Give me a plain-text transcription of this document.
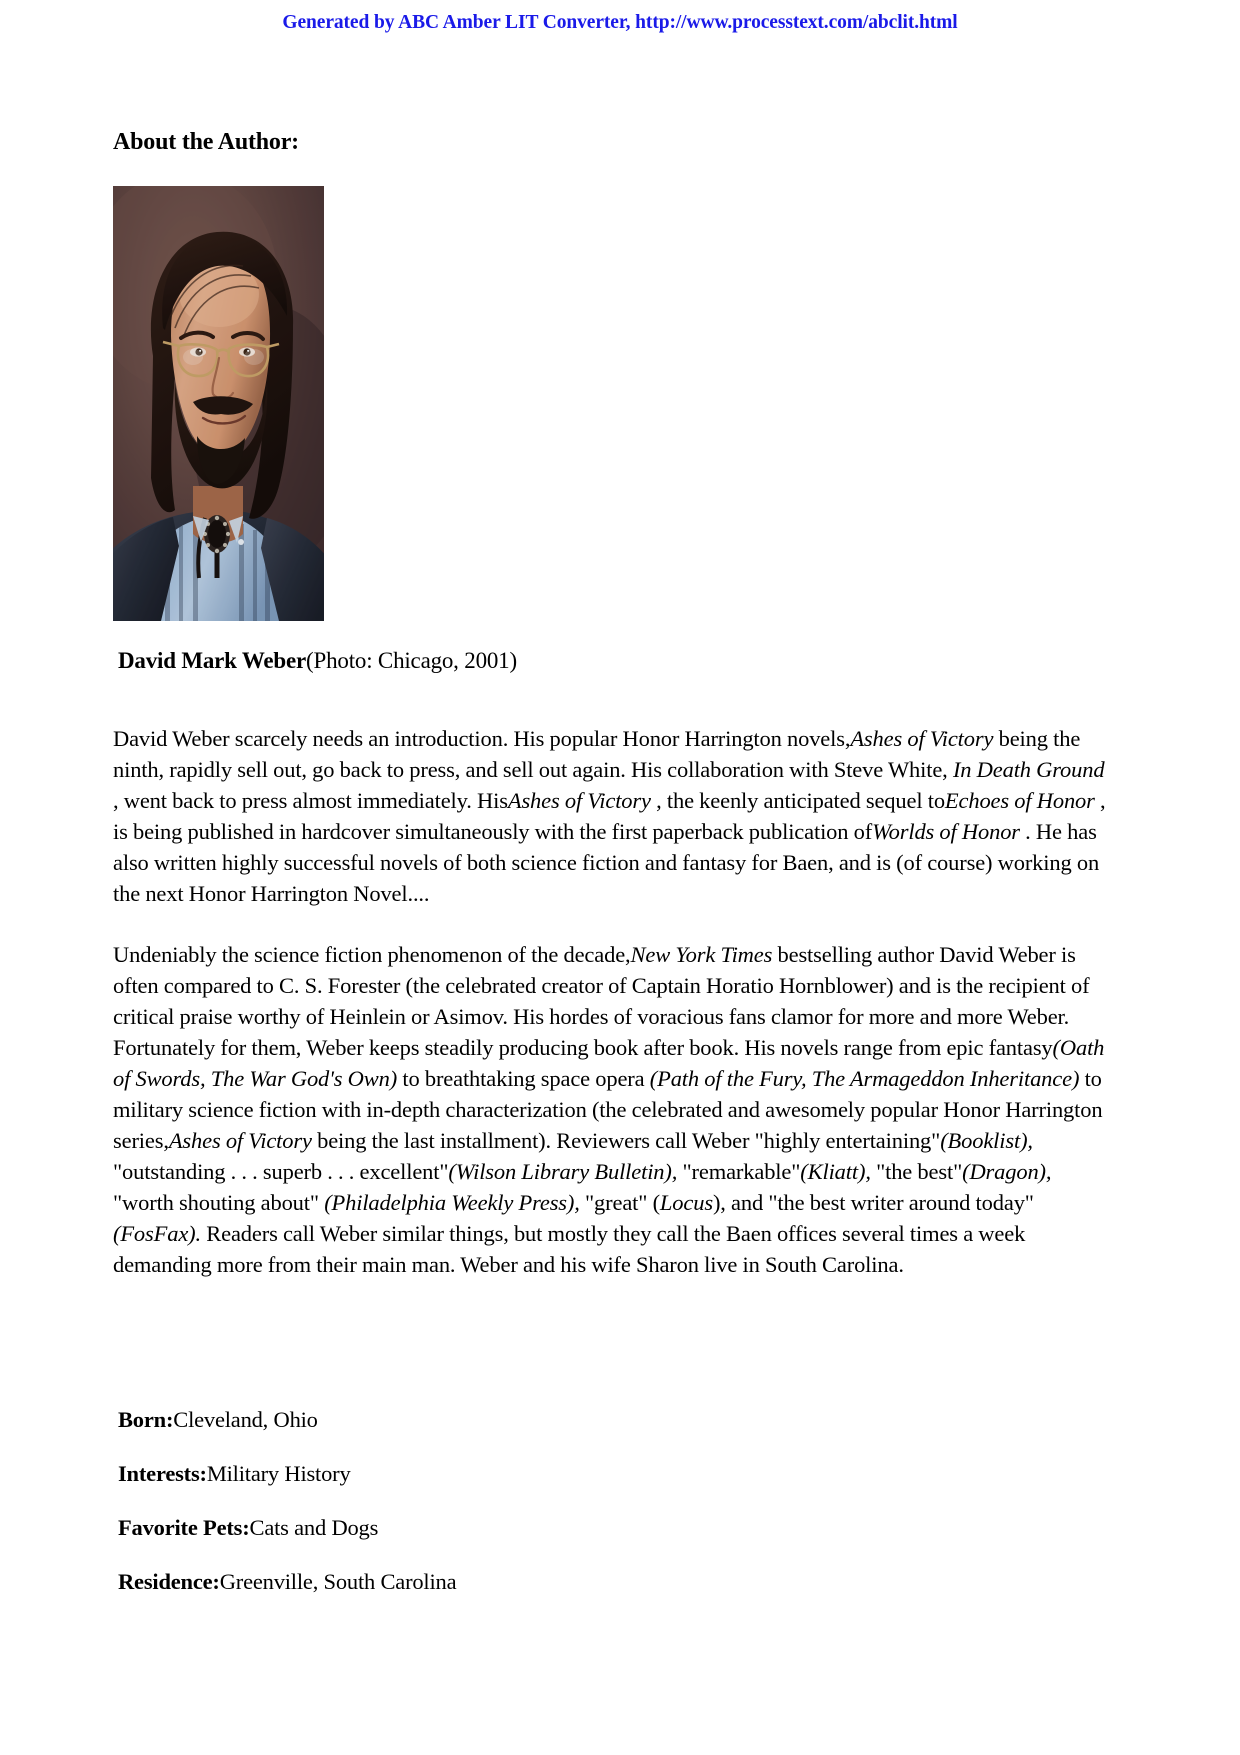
Generated by ABC Amber LIT Converter, http://www.processtext.com/abclit.html
About the Author:
David Mark Weber(Photo: Chicago, 2001)

David Weber scarcely needs an introduction. His popular Honor Harrington novels,Ashes of Victory being the ninth, rapidly sell out, go back to press, and sell out again. His collaboration with Steve White, In Death Ground , went back to press almost immediately. HisAshes of Victory , the keenly anticipated sequel toEchoes of Honor , is being published in hardcover simultaneously with the first paperback publication ofWorlds of Honor . He has also written highly successful novels of both science fiction and fantasy for Baen, and is (of course) working on the next Honor Harrington Novel....

Undeniably the science fiction phenomenon of the decade,New York Times bestselling author David Weber is often compared to C. S. Forester (the celebrated creator of Captain Horatio Hornblower) and is the recipient of critical praise worthy of Heinlein or Asimov. His hordes of voracious fans clamor for more and more Weber. Fortunately for them, Weber keeps steadily producing book after book. His novels range from epic fantasy(Oath of Swords, The War God's Own) to breathtaking space opera (Path of the Fury, The Armageddon Inheritance) to military science fiction with in-depth characterization (the celebrated and awesomely popular Honor Harrington series,Ashes of Victory being the last installment). Reviewers call Weber "highly entertaining"(Booklist), "outstanding . . . superb . . . excellent"(Wilson Library Bulletin), "remarkable"(Kliatt), "the best"(Dragon), "worth shouting about" (Philadelphia Weekly Press), "great" (Locus), and "the best writer around today"(FosFax). Readers call Weber similar things, but mostly they call the Baen offices several times a week demanding more from their main man. Weber and his wife Sharon live in South Carolina.

Born:Cleveland, Ohio
Interests:Military History
Favorite Pets:Cats and Dogs
Residence:Greenville, South Carolina
